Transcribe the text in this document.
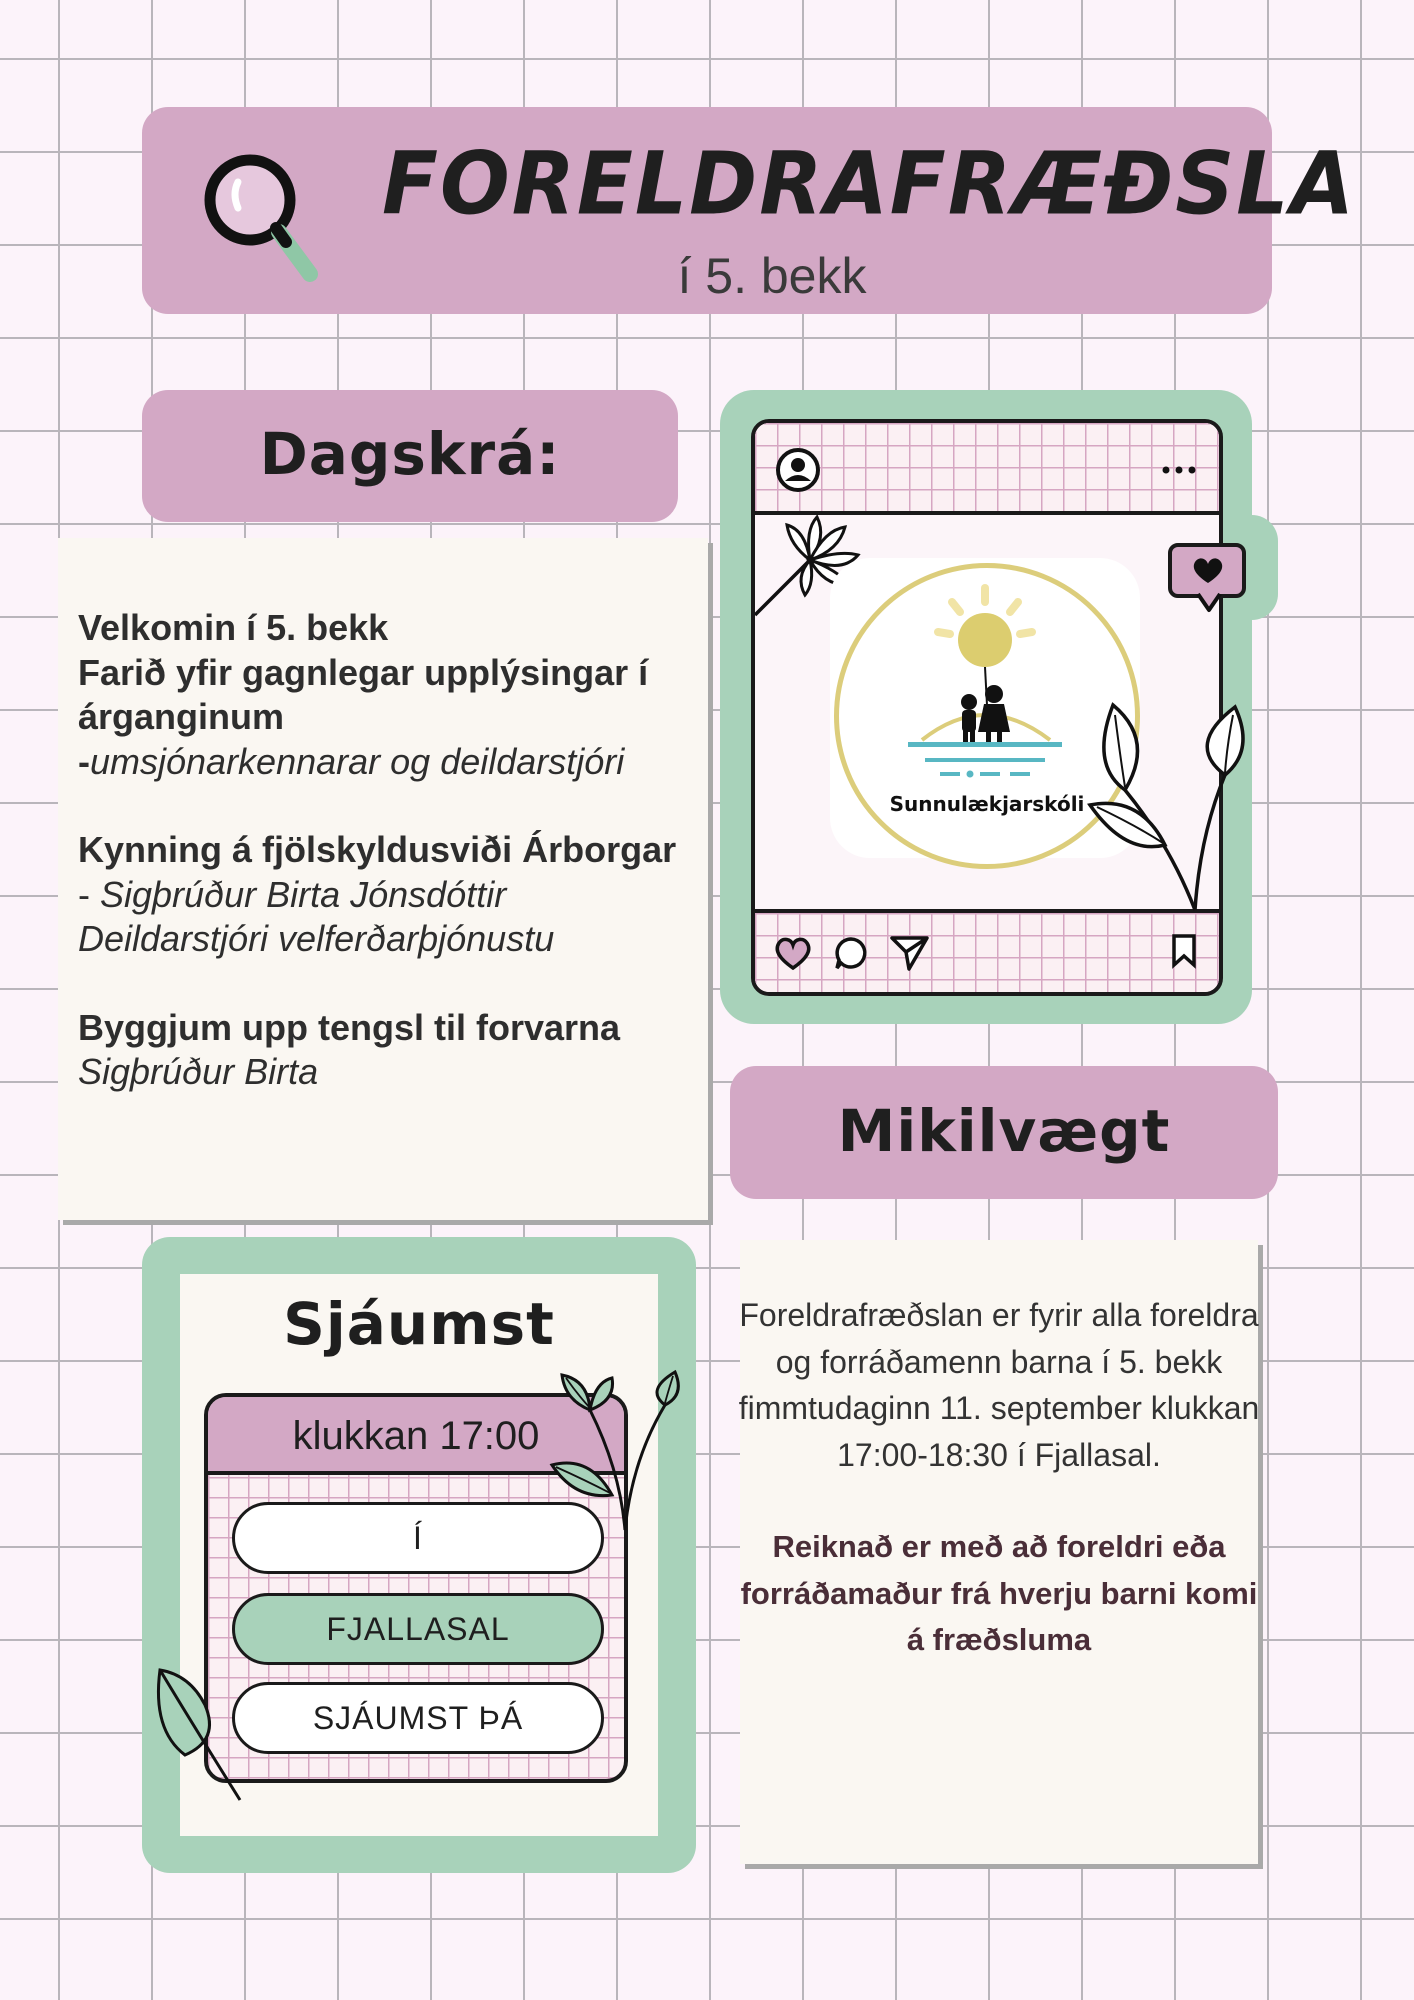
FORELDRAFRÆÐSLA
í 5. bekk
Dagskrá:

Velkomin í 5. bekk
Farið yfir gagnlegar upplýsingar í árganginum
-umsjónarkennarar og deildarstjóri

Kynning á fjölskyldusviði Árborgar - Sigþrúður Birta Jónsdóttir
Deildarstjóri velferðarþjónustu

Byggjum upp tengsl til forvarna
Sigþrúður Birta

Sunnulækjarskóli
Mikilvægt
Foreldrafræðslan er fyrir alla foreldra og forráðamenn barna í 5. bekk fimmtudaginn 11. september klukkan 17:00-18:30 í Fjallasal.
Reiknað er með að foreldri eða forráðamaður frá hverju barni komi á fræðsluma
Sjáumst
klukkan 17:00
Í
FJALLASAL
SJÁUMST ÞÁ
